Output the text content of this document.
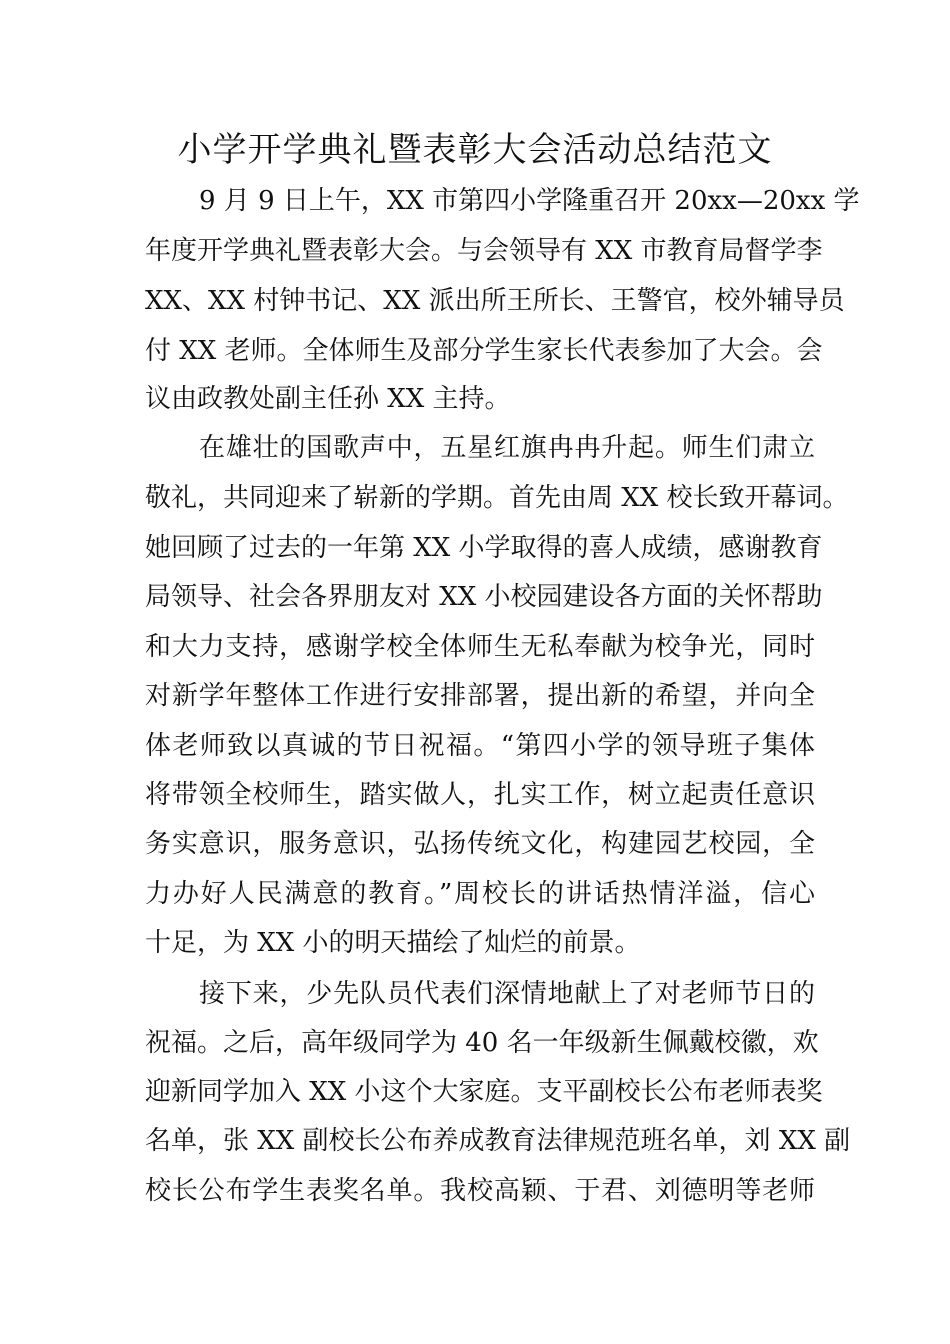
小学开学典礼暨表彰大会活动总结范文

9 月 9 日上午，XX 市第四小学隆重召开 20xx—20xx 学

年度开学典礼暨表彰大会。与会领导有 XX 市教育局督学李

XX、XX 村钟书记、XX 派出所王所长、王警官，校外辅导员

付 XX 老师。全体师生及部分学生家长代表参加了大会。会

议由政教处副主任孙 XX 主持。

在雄壮的国歌声中，五星红旗冉冉升起。师生们肃立

敬礼，共同迎来了崭新的学期。首先由周 XX 校长致开幕词。

她回顾了过去的一年第 XX 小学取得的喜人成绩，感谢教育

局领导、社会各界朋友对 XX 小校园建设各方面的关怀帮助

和大力支持，感谢学校全体师生无私奉献为校争光，同时

对新学年整体工作进行安排部署，提出新的希望，并向全

体老师致以真诚的节日祝福。“第四小学的领导班子集体

将带领全校师生，踏实做人，扎实工作，树立起责任意识

务实意识，服务意识，弘扬传统文化，构建园艺校园，全

力办好人民满意的教育。”周校长的讲话热情洋溢，信心

十足，为 XX 小的明天描绘了灿烂的前景。

接下来，少先队员代表们深情地献上了对老师节日的

祝福。之后，高年级同学为 40 名一年级新生佩戴校徽，欢

迎新同学加入 XX 小这个大家庭。支平副校长公布老师表奖

名单，张 XX 副校长公布养成教育法律规范班名单，刘 XX 副

校长公布学生表奖名单。我校高颖、于君、刘德明等老师
